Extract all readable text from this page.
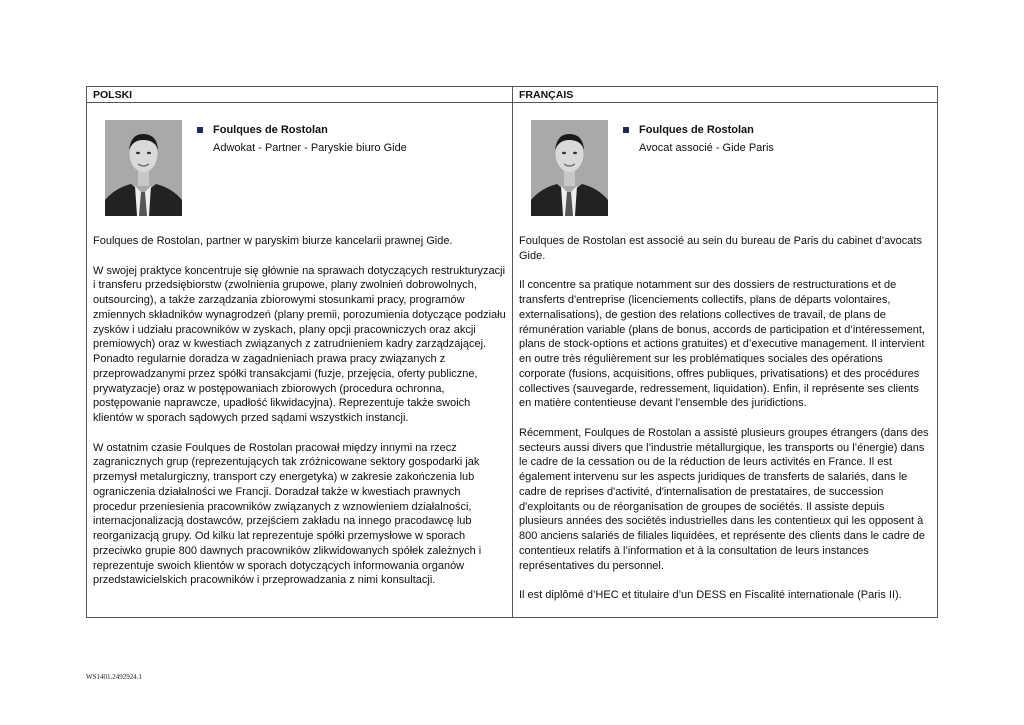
POLSKI	FRANÇAIS
Foulques de Rostolan
Adwokat - Partner - Paryskie biuro Gide

Foulques de Rostolan, partner w paryskim biurze kancelarii prawnej Gide.

W swojej praktyce koncentruje się głównie na sprawach dotyczących restrukturyzacji i transferu przedsiębiorstw (zwolnienia grupowe, plany zwolnień dobrowolnych, outsourcing), a także zarządzania zbiorowymi stosunkami pracy, programów zmiennych składników wynagrodzeń (plany premii, porozumienia dotyczące podziału zysków i udziału pracowników w zyskach, plany opcji pracowniczych oraz akcji premiowych) oraz w kwestiach związanych z zatrudnieniem kadry zarządzającej. Ponadto regularnie doradza w zagadnieniach prawa pracy związanych z przeprowadzanymi przez spółki transakcjami (fuzje, przejęcia, oferty publiczne, prywatyzacje) oraz w postępowaniach zbiorowych (procedura ochronna, postępowanie naprawcze, upadłość likwidacyjna). Reprezentuje także swoich klientów w sporach sądowych przed sądami wszystkich instancji.

W ostatnim czasie Foulques de Rostolan pracował między innymi na rzecz zagranicznych grup (reprezentujących tak zróżnicowane sektory gospodarki jak przemysł metalurgiczny, transport czy energetyka) w zakresie zakończenia lub ograniczenia działalności we Francji. Doradzał także w kwestiach prawnych procedur przeniesienia pracowników związanych z wznowieniem działalności, internacjonalizacją dostawców, przejściem zakładu na innego pracodawcę lub reorganizacją grupy. Od kilku lat reprezentuje spółki przemysłowe w sporach przeciwko grupie 800 dawnych pracowników zlikwidowanych spółek zależnych i reprezentuje swoich klientów w sporach dotyczących informowania organów przedstawicielskich pracowników i przeprowadzania z nimi konsultacji.

Foulques de Rostolan
Avocat associé - Gide Paris

Foulques de Rostolan est associé au sein du bureau de Paris du cabinet d’avocats Gide.

Il concentre sa pratique notamment sur des dossiers de restructurations et de transferts d'entreprise (licenciements collectifs, plans de départs volontaires, externalisations), de gestion des relations collectives de travail, de plans de rémunération variable (plans de bonus, accords de participation et d’intéressement, plans de stock-options et actions gratuites) et d’executive management. Il intervient en outre très régulièrement sur les problématiques sociales des opérations corporate (fusions, acquisitions, offres publiques, privatisations) et des procédures collectives (sauvegarde, redressement, liquidation). Enfin, il représente ses clients en matière contentieuse devant l'ensemble des juridictions.

Récemment, Foulques de Rostolan a assisté plusieurs groupes étrangers (dans des secteurs aussi divers que l’industrie métallurgique, les transports ou l’énergie) dans le cadre de la cessation ou de la réduction de leurs activités en France. Il est également intervenu sur les aspects juridiques de transferts de salariés, dans le cadre de reprises d'activité, d'internalisation de prestataires, de succession d'exploitants ou de réorganisation de groupes de sociétés. Il assiste depuis plusieurs années des sociétés industrielles dans les contentieux qui les opposent à 800 anciens salariés de filiales liquidées, et représente des clients dans le cadre de contentieux relatifs à l’information et à la consultation de leurs instances représentatives du personnel.

Il est diplômé d’HEC et titulaire d’un DESS en Fiscalité internationale (Paris II).

WS1401.2492924.1
